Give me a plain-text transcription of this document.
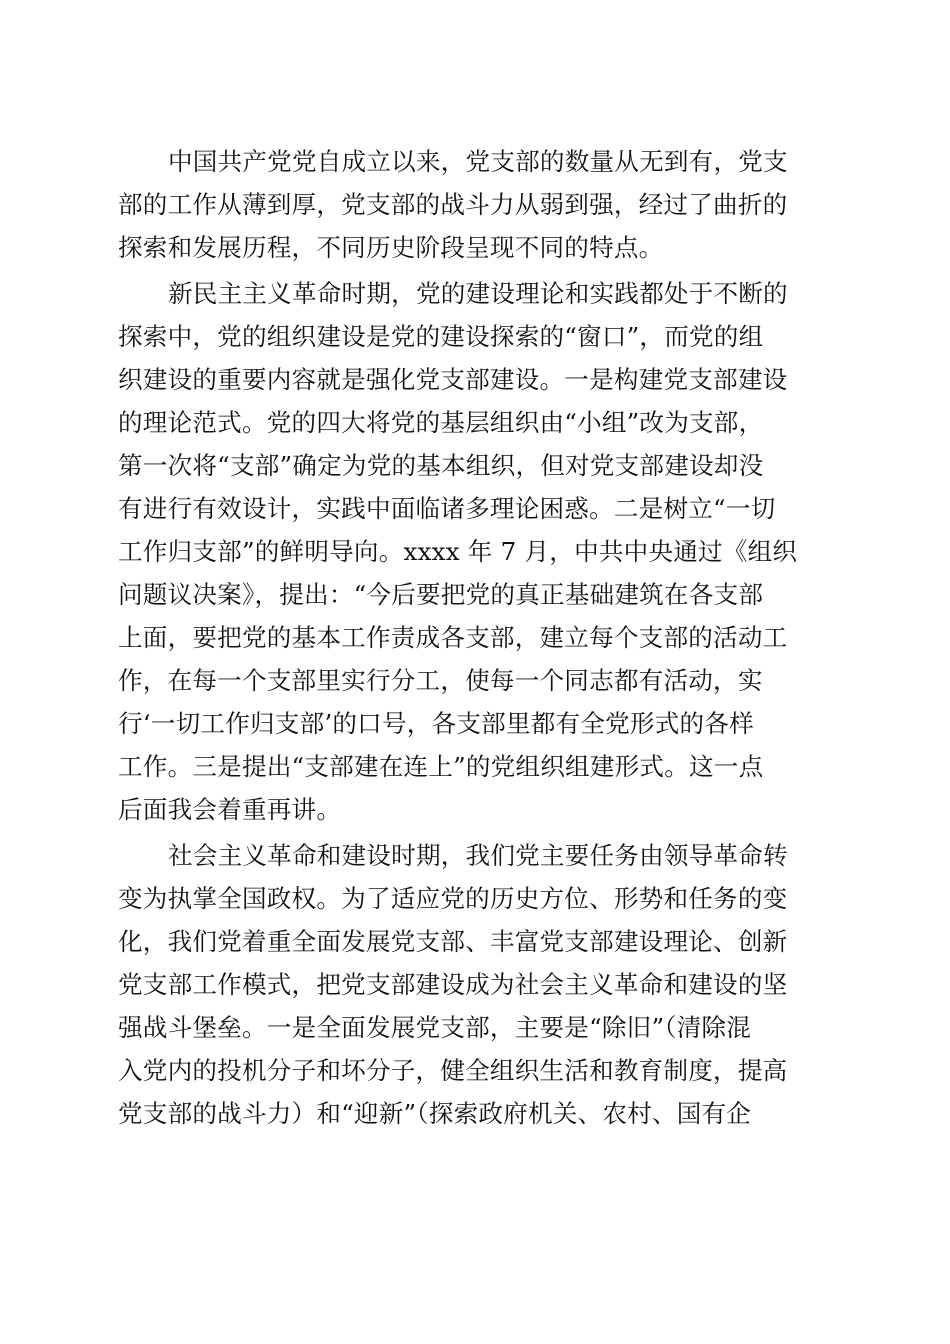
中国共产党党自成立以来，党支部的数量从无到有，党支
部的工作从薄到厚，党支部的战斗力从弱到强，经过了曲折的
探索和发展历程，不同历史阶段呈现不同的特点。
新民主主义革命时期，党的建设理论和实践都处于不断的
探索中，党的组织建设是党的建设探索的“窗口”，而党的组
织建设的重要内容就是强化党支部建设。一是构建党支部建设
的理论范式。党的四大将党的基层组织由“小组”改为支部，
第一次将“支部”确定为党的基本组织，但对党支部建设却没
有进行有效设计，实践中面临诸多理论困惑。二是树立“一切
工作归支部”的鲜明导向。xxxx 年 7 月，中共中央通过《组织
问题议决案》，提出：“今后要把党的真正基础建筑在各支部
上面，要把党的基本工作责成各支部，建立每个支部的活动工
作，在每一个支部里实行分工，使每一个同志都有活动，实
行‘一切工作归支部’的口号，各支部里都有全党形式的各样
工作。三是提出“支部建在连上”的党组织组建形式。这一点
后面我会着重再讲。
社会主义革命和建设时期，我们党主要任务由领导革命转
变为执掌全国政权。为了适应党的历史方位、形势和任务的变
化，我们党着重全面发展党支部、丰富党支部建设理论、创新
党支部工作模式，把党支部建设成为社会主义革命和建设的坚
强战斗堡垒。一是全面发展党支部，主要是“除旧”（清除混
入党内的投机分子和坏分子，健全组织生活和教育制度，提高
党支部的战斗力）和“迎新”（探索政府机关、农村、国有企
